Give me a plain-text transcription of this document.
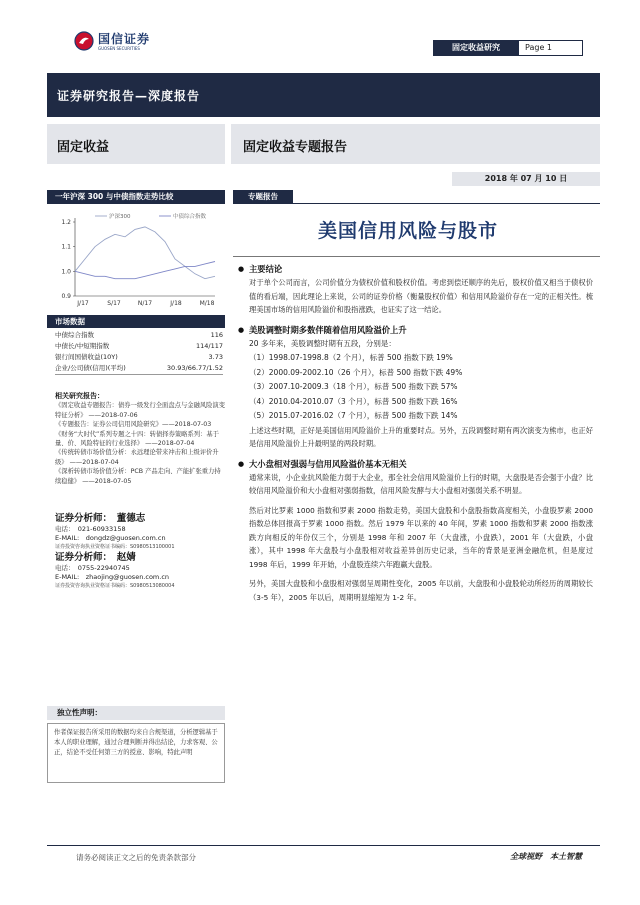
国信证券
GUOSEN SECURITIES	固定收益研究	Page 1
证券研究报告—深度报告
固定收益	固定收益专题报告
2018 年 07 月 10 日
一年沪深 300 与中债指数走势比较
1.2
1.1
1.0
0.9
J/17	S/17	N/17	J/18	M/18
沪深300	中债综合指数
市场数据
中债综合指数	116
中债长/中短期指数	114/117
银行间国债收益(10Y)	3.73
企业/公司债(信用)(平均)	30.93/66.77/1.52
相关研究报告：
《固定收益专题报告：债券一级发行全面盘点与金融风险演变特征分析》 ——2018-07-06
《专题报告：证券公司信用风险研究》——2018-07-03
《财务“大时代”系列专题之十四：转债择券策略系列：基于量、价、风险特征的行业选择》 ——2018-07-04
《传统转债市场价值分析：永远理论带来冲击和上级评价升级》 ——2018-07-04
《深析转债市场价值分析：PCB 产品走向、产能扩张重力持续稳健》 ——2018-07-05
证券分析师：　董德志
电话：　021-60933158
E-MAIL:　dongdz@guosen.com.cn
证券投资咨询执业资格证书编码：S0980513100001
证券分析师：　赵婧
电话：　0755-22940745
E-MAIL:　zhaojing@guosen.com.cn
证券投资咨询执业资格证书编码：S0980513080004
独立性声明：
作者保证报告所采用的数据均来自合规渠道，分析逻辑基于本人的职业理解，通过合理判断并得出结论，力求客观、公正，结论不受任何第三方的授意、影响，特此声明
专题报告
美国信用风险与股市
● 主要结论
对于单个公司而言，公司价值分为债权价值和股权价值。考虑到偿还顺序的先后，股权价值又相当于债权价值的看后端，因此理论上来说，公司的证券价格（衡量股权价值）和信用风险溢价存在一定的正相关性。梳理美国市场的信用风险溢价和股指涨跌，也证实了这一结论。
● 美股调整时期多数伴随着信用风险溢价上升
20 多年来，美股调整时期有五段，分别是：
（1）1998.07-1998.8（2 个月），标普 500 指数下跌 19%
（2）2000.09-2002.10（26 个月），标普 500 指数下跌 49%
（3）2007.10-2009.3（18 个月），标普 500 指数下跌 57%
（4）2010.04-2010.07（3 个月），标普 500 指数下跌 16%
（5）2015.07-2016.02（7 个月），标普 500 指数下跌 14%
上述这些时期，正好是美国信用风险溢价上升的重要时点。另外，五段调整时期有两次演变为熊市，也正好是信用风险溢价上升最明显的两段时期。
● 大小盘相对强弱与信用风险溢价基本无相关
通常来说，小企业抗风险能力弱于大企业，那全社会信用风险溢价上行的时期，大盘股是否会强于小盘？比较信用风险溢价和大小盘相对强弱指数，信用风险发酵与大小盘相对强弱关系不明显。
然后对比罗素 1000 指数和罗素 2000 指数走势，美国大盘股和小盘股指数高度相关，小盘股罗素 2000 指数总体回报高于罗素 1000 指数。然后 1979 年以来的 40 年间，罗素 1000 指数和罗素 2000 指数涨跌方向相反的年份仅三个，分别是 1998 年和 2007 年（大盘涨，小盘跌），2001 年（大盘跌，小盘涨），其中 1998 年大盘股与小盘股相对收益差异创历史记录，当年的背景是亚洲金融危机，但是度过 1998 年后，1999 年开始，小盘股连续六年跑赢大盘股。
另外，美国大盘股和小盘股相对强弱呈周期性变化，2005 年以前，大盘股和小盘股轮动所经历的周期较长（3-5 年），2005 年以后，周期明显缩短为 1-2 年。
请务必阅读正文之后的免责条款部分	全球视野　本土智慧
